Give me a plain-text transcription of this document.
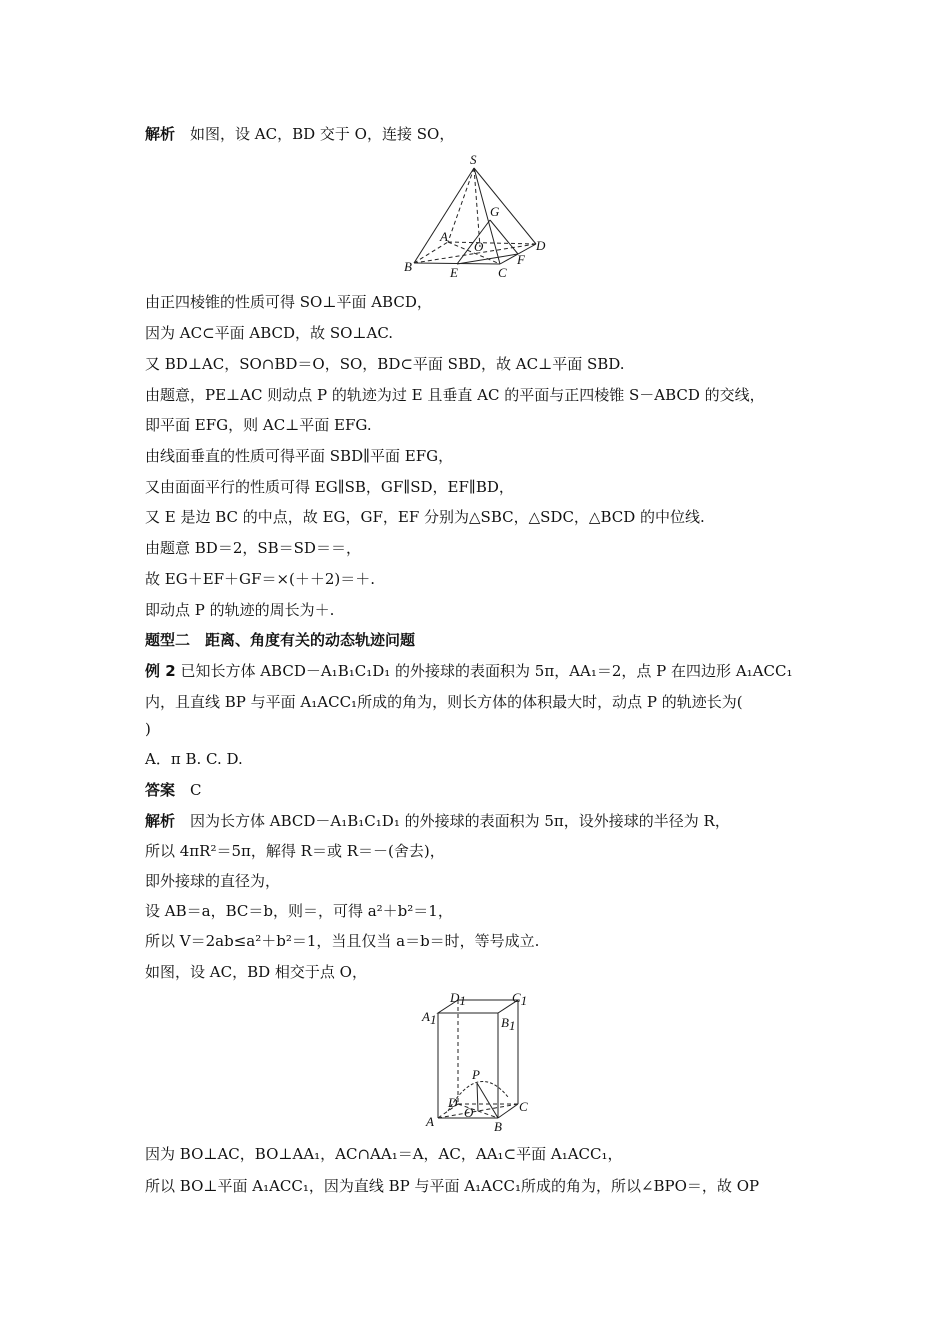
解析　如图，设 AC，BD 交于 O，连接 SO，
S
G
A
O	D
B	E	C
F
由正四棱锥的性质可得 SO⊥平面 ABCD，
因为 AC⊂平面 ABCD，故 SO⊥AC.
又 BD⊥AC，SO∩BD＝O，SO，BD⊂平面 SBD，故 AC⊥平面 SBD.
由题意，PE⊥AC 则动点 P 的轨迹为过 E 且垂直 AC 的平面与正四棱锥 S－ABCD 的交线，
即平面 EFG，则 AC⊥平面 EFG.
由线面垂直的性质可得平面 SBD∥平面 EFG，
又由面面平行的性质可得 EG∥SB，GF∥SD，EF∥BD，
又 E 是边 BC 的中点，故 EG，GF，EF 分别为△SBC，△SDC，△BCD 的中位线.
由题意 BD＝2，SB＝SD＝＝，
故 EG＋EF＋GF＝×(＋＋2)＝＋.
即动点 P 的轨迹的周长为＋.
题型二　距离、角度有关的动态轨迹问题
例 2 已知长方体 ABCD－A₁B₁C₁D₁ 的外接球的表面积为 5π，AA₁＝2，点 P 在四边形 A₁ACC₁
内，且直线 BP 与平面 A₁ACC₁所成的角为，则长方体的体积最大时，动点 P 的轨迹长为(
)
A．π B. C. D.
答案　C
解析　因为长方体 ABCD－A₁B₁C₁D₁ 的外接球的表面积为 5π，设外接球的半径为 R，
所以 4πR²＝5π，解得 R＝或 R＝－(舍去)，
即外接球的直径为，
设 AB＝a，BC＝b，则＝，可得 a²＋b²＝1，
所以 V＝2ab≤a²＋b²＝1，当且仅当 a＝b＝时，等号成立.
如图，设 AC，BD 相交于点 O，
D1	C1
A1	B1
P
D
O
A
C
B
因为 BO⊥AC，BO⊥AA₁，AC∩AA₁＝A，AC，AA₁⊂平面 A₁ACC₁，
所以 BO⊥平面 A₁ACC₁，因为直线 BP 与平面 A₁ACC₁所成的角为，所以∠BPO＝，故 OP
